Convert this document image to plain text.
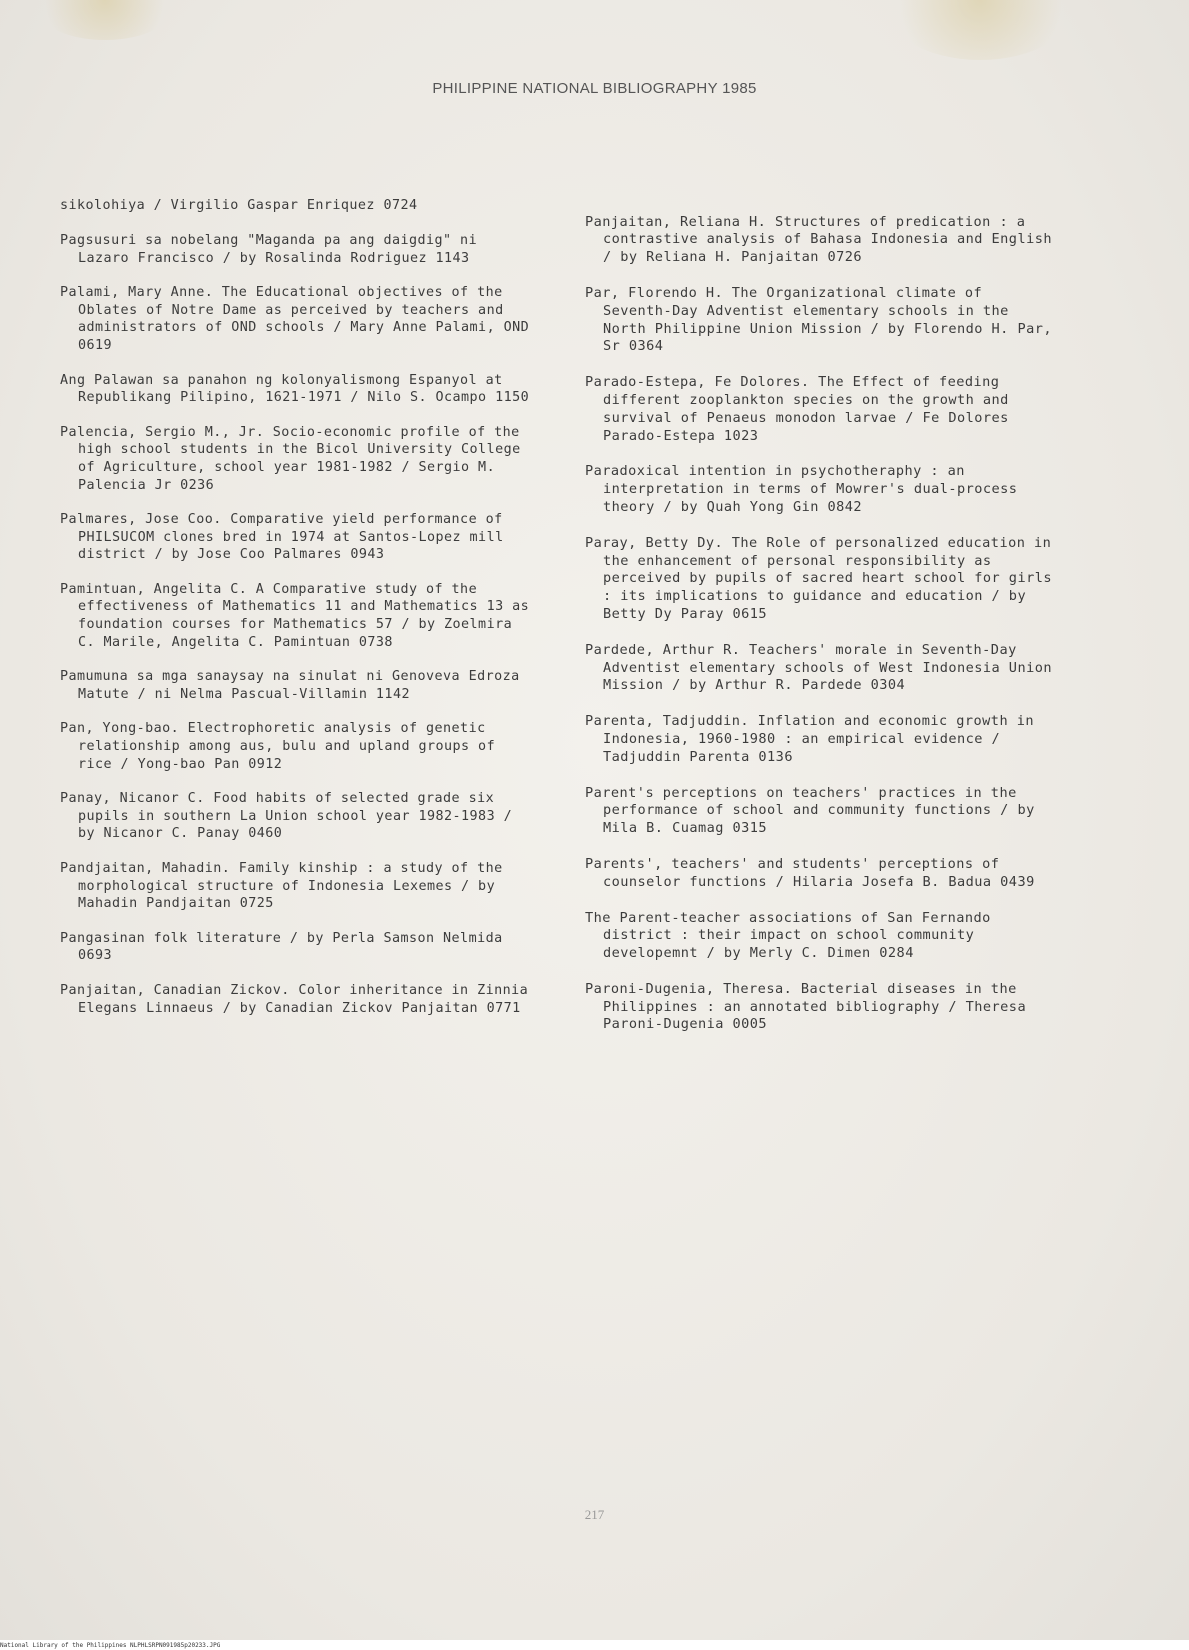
PHILIPPINE NATIONAL BIBLIOGRAPHY 1985

sikolohiya / Virgilio Gaspar Enriquez 0724

Pagsusuri sa nobelang "Maganda pa ang daigdig" ni Lazaro Francisco / by Rosalinda Rodriguez 1143

Palami, Mary Anne. The Educational objectives of the Oblates of Notre Dame as perceived by teachers and administrators of OND schools / Mary Anne Palami, OND 0619

Ang Palawan sa panahon ng kolonyalismong Espanyol at Republikang Pilipino, 1621-1971 / Nilo S. Ocampo 1150

Palencia, Sergio M., Jr. Socio-economic profile of the high school students in the Bicol University College of Agriculture, school year 1981-1982 / Sergio M. Palencia Jr 0236

Palmares, Jose Coo. Comparative yield performance of PHILSUCOM clones bred in 1974 at Santos-Lopez mill district / by Jose Coo Palmares 0943

Pamintuan, Angelita C. A Comparative study of the effectiveness of Mathematics 11 and Mathematics 13 as foundation courses for Mathematics 57 / by Zoelmira C. Marile, Angelita C. Pamintuan 0738

Pamumuna sa mga sanaysay na sinulat ni Genoveva Edroza Matute / ni Nelma Pascual-Villamin 1142

Pan, Yong-bao. Electrophoretic analysis of genetic relationship among aus, bulu and upland groups of rice / Yong-bao Pan 0912

Panay, Nicanor C. Food habits of selected grade six pupils in southern La Union school year 1982-1983 / by Nicanor C. Panay 0460

Pandjaitan, Mahadin. Family kinship : a study of the morphological structure of Indonesia Lexemes / by Mahadin Pandjaitan 0725

Pangasinan folk literature / by Perla Samson Nelmida 0693

Panjaitan, Canadian Zickov. Color inheritance in Zinnia Elegans Linnaeus / by Canadian Zickov Panjaitan 0771

Panjaitan, Reliana H. Structures of predication : a contrastive analysis of Bahasa Indonesia and English / by Reliana H. Panjaitan 0726

Par, Florendo H. The Organizational climate of Seventh-Day Adventist elementary schools in the North Philippine Union Mission / by Florendo H. Par, Sr 0364

Parado-Estepa, Fe Dolores. The Effect of feeding different zooplankton species on the growth and survival of Penaeus monodon larvae / Fe Dolores Parado-Estepa 1023

Paradoxical intention in psychotheraphy : an interpretation in terms of Mowrer's dual-process theory / by Quah Yong Gin 0842

Paray, Betty Dy. The Role of personalized education in the enhancement of personal responsibility as perceived by pupils of sacred heart school for girls : its implications to guidance and education / by Betty Dy Paray 0615

Pardede, Arthur R. Teachers' morale in Seventh-Day Adventist elementary schools of West Indonesia Union Mission / by Arthur R. Pardede 0304

Parenta, Tadjuddin. Inflation and economic growth in Indonesia, 1960-1980 : an empirical evidence / Tadjuddin Parenta 0136

Parent's perceptions on teachers' practices in the performance of school and community functions / by Mila B. Cuamag 0315

Parents', teachers' and students' perceptions of counselor functions / Hilaria Josefa B. Badua 0439

The Parent-teacher associations of San Fernando district : their impact on school community developemnt / by Merly C. Dimen 0284

Paroni-Dugenia, Theresa. Bacterial diseases in the Philippines : an annotated bibliography / Theresa Paroni-Dugenia 0005

217
National Library of the Philippines NLPHLSRPN091985p20233.JPG
